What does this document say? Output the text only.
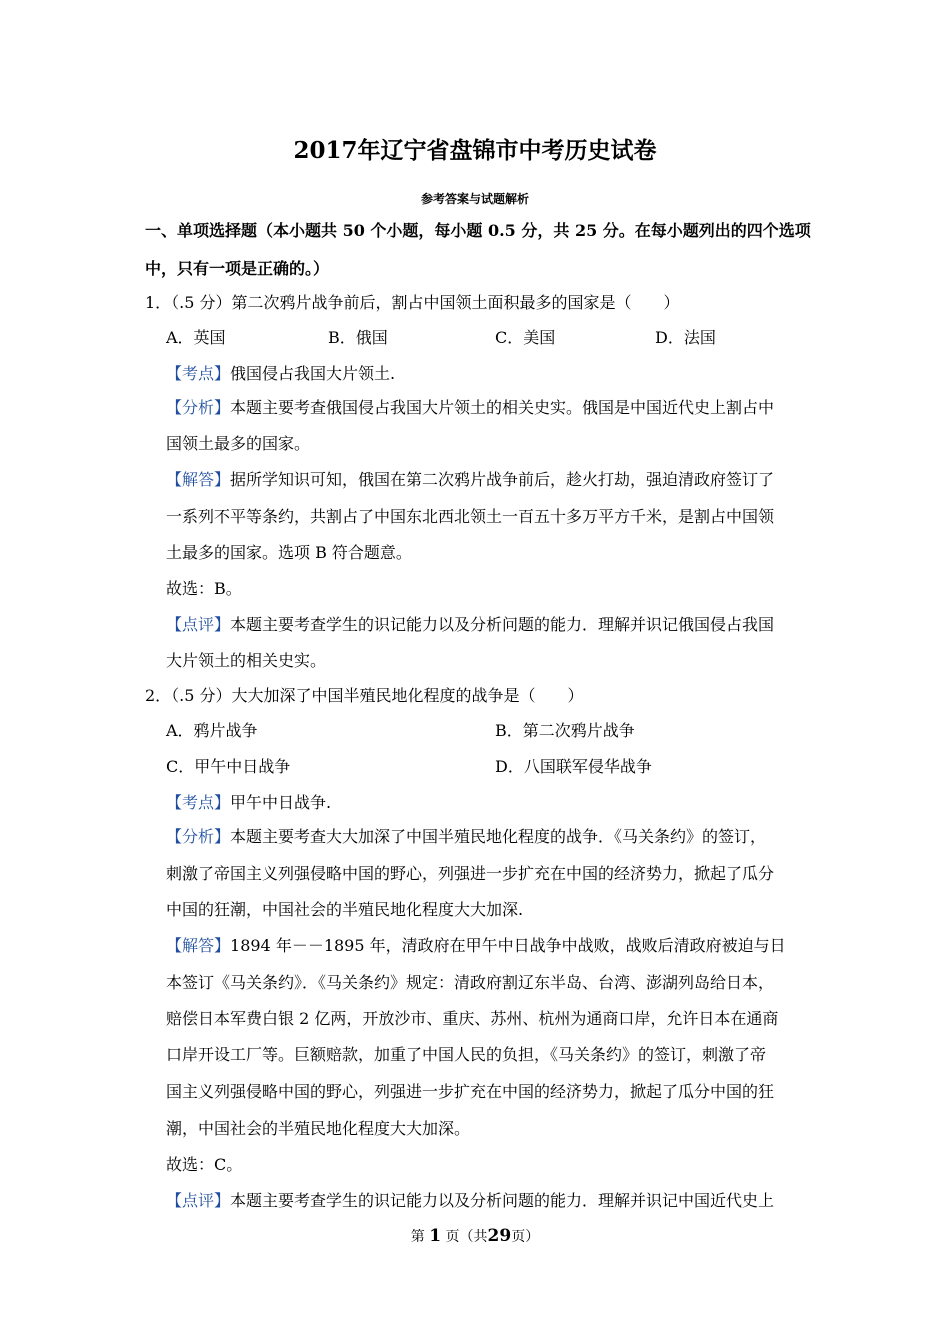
2017年辽宁省盘锦市中考历史试卷
参考答案与试题解析
一、单项选择题（本小题共 50 个小题，每小题 0.5 分，共 25 分。在每小题列出的四个选项
中，只有一项是正确的。）
1．（.5 分）第二次鸦片战争前后，割占中国领土面积最多的国家是（　　）
A．英国	B．俄国	C．美国	D．法国
【考点】俄国侵占我国大片领土.
【分析】本题主要考查俄国侵占我国大片领土的相关史实。俄国是中国近代史上割占中
国领土最多的国家。
【解答】据所学知识可知，俄国在第二次鸦片战争前后，趁火打劫，强迫清政府签订了
一系列不平等条约，共割占了中国东北西北领土一百五十多万平方千米，是割占中国领
土最多的国家。选项 B 符合题意。
故选：B。
【点评】本题主要考查学生的识记能力以及分析问题的能力．理解并识记俄国侵占我国
大片领土的相关史实。
2．（.5 分）大大加深了中国半殖民地化程度的战争是（　　）
A．鸦片战争	B．第二次鸦片战争
C．甲午中日战争	D．八国联军侵华战争
【考点】甲午中日战争.
【分析】本题主要考查大大加深了中国半殖民地化程度的战争．《马关条约》的签订，
刺激了帝国主义列强侵略中国的野心，列强进一步扩充在中国的经济势力，掀起了瓜分
中国的狂潮，中国社会的半殖民地化程度大大加深.
【解答】1894 年－－1895 年，清政府在甲午中日战争中战败，战败后清政府被迫与日
本签订《马关条约》．《马关条约》规定：清政府割辽东半岛、台湾、澎湖列岛给日本，
赔偿日本军费白银 2 亿两，开放沙市、重庆、苏州、杭州为通商口岸，允许日本在通商
口岸开设工厂等。巨额赔款，加重了中国人民的负担，《马关条约》的签订，刺激了帝
国主义列强侵略中国的野心，列强进一步扩充在中国的经济势力，掀起了瓜分中国的狂
潮，中国社会的半殖民地化程度大大加深。
故选：C。
【点评】本题主要考查学生的识记能力以及分析问题的能力．理解并识记中国近代史上
第 1 页（共29页）
